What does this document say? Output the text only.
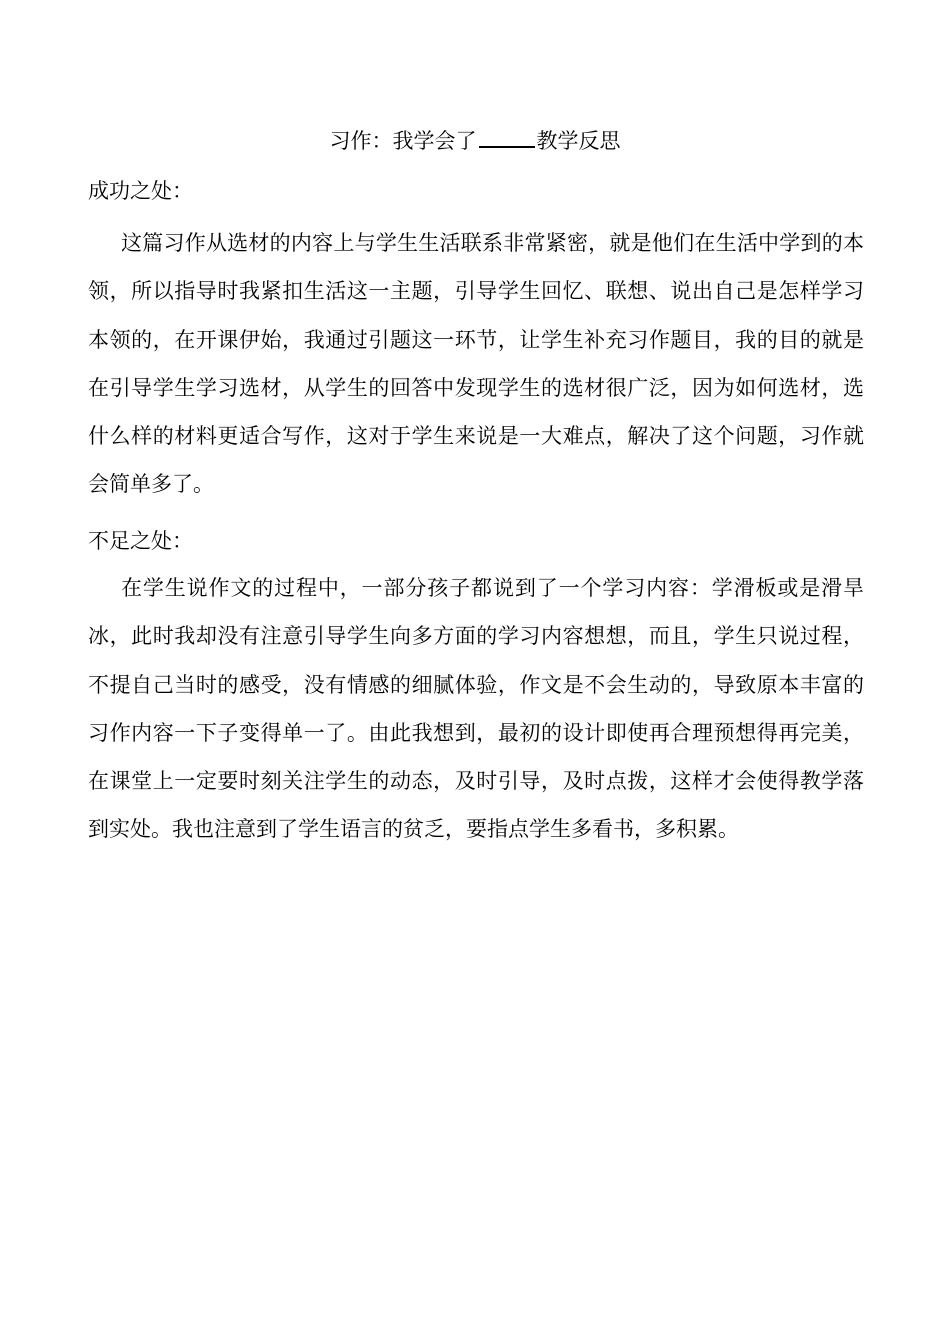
习作：我学会了	教学反思

成功之处：

这篇习作从选材的内容上与学生生活联系非常紧密，就是他们在生活中学到的本领，所以指导时我紧扣生活这一主题，引导学生回忆、联想、说出自己是怎样学习本领的，在开课伊始，我通过引题这一环节，让学生补充习作题目，我的目的就是在引导学生学习选材，从学生的回答中发现学生的选材很广泛，因为如何选材，选什么样的材料更适合写作，这对于学生来说是一大难点，解决了这个问题，习作就会简单多了。

不足之处：

在学生说作文的过程中，一部分孩子都说到了一个学习内容：学滑板或是滑旱冰，此时我却没有注意引导学生向多方面的学习内容想想，而且，学生只说过程，不提自己当时的感受，没有情感的细腻体验，作文是不会生动的，导致原本丰富的习作内容一下子变得单一了。由此我想到，最初的设计即使再合理预想得再完美，在课堂上一定要时刻关注学生的动态，及时引导，及时点拨，这样才会使得教学落到实处。我也注意到了学生语言的贫乏，要指点学生多看书，多积累。
